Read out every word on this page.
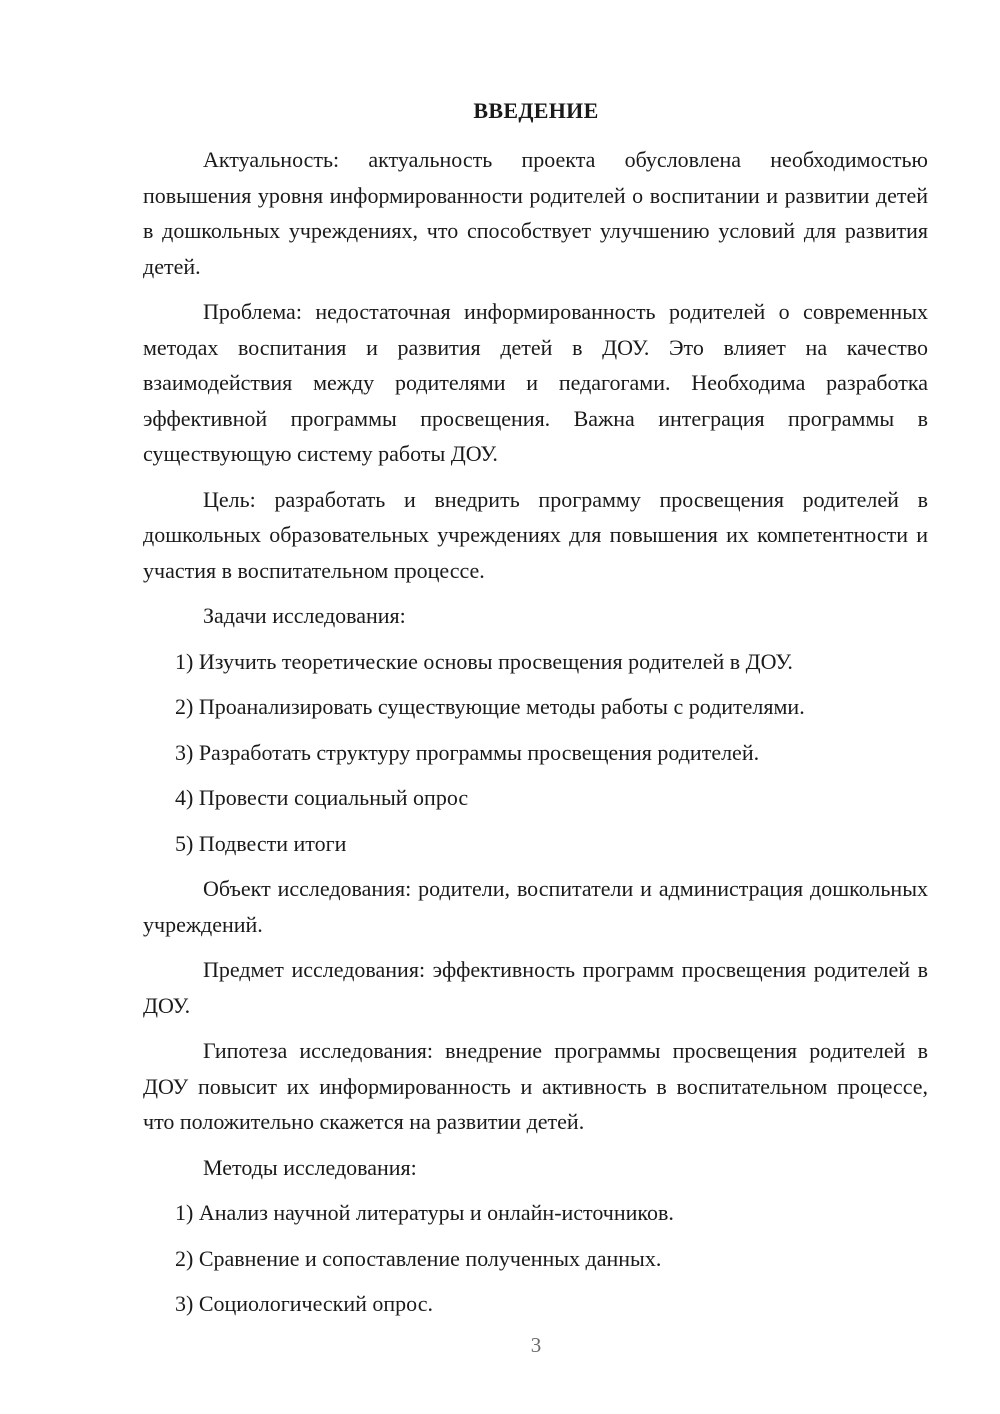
ВВЕДЕНИЕ

Актуальность: актуальность проекта обусловлена необходимостью повышения уровня информированности родителей о воспитании и развитии детей в дошкольных учреждениях, что способствует улучшению условий для развития детей.

Проблема: недостаточная информированность родителей о современных методах воспитания и развития детей в ДОУ. Это влияет на качество взаимодействия между родителями и педагогами. Необходима разработка эффективной программы просвещения. Важна интеграция программы в существующую систему работы ДОУ.

Цель: разработать и внедрить программу просвещения родителей в дошкольных образовательных учреждениях для повышения их компетентности и участия в воспитательном процессе.

Задачи исследования:

1) Изучить теоретические основы просвещения родителей в ДОУ.

2) Проанализировать существующие методы работы с родителями.

3) Разработать структуру программы просвещения родителей.

4) Провести социальный опрос

5) Подвести итоги

Объект исследования: родители, воспитатели и администрация дошкольных учреждений.

Предмет исследования: эффективность программ просвещения родителей в ДОУ.

Гипотеза исследования: внедрение программы просвещения родителей в ДОУ повысит их информированность и активность в воспитательном процессе, что положительно скажется на развитии детей.

Методы исследования:

1) Анализ научной литературы и онлайн-источников.

2) Сравнение и сопоставление полученных данных.

3) Социологический опрос.

3
